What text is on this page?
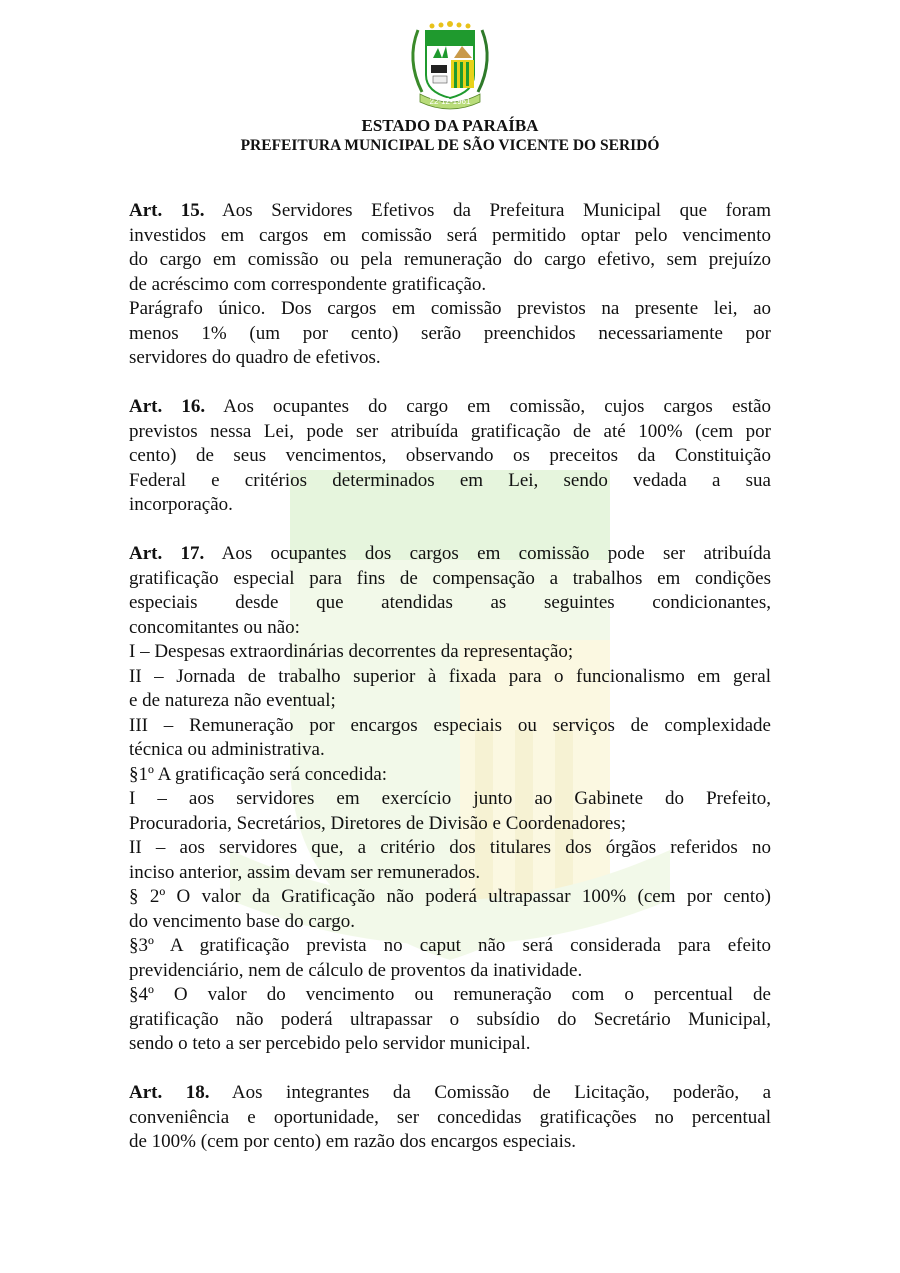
22-12-1961
ESTADO DA PARAÍBA
PREFEITURA MUNICIPAL DE SÃO VICENTE DO SERIDÓ
Art. 15. Aos Servidores Efetivos da Prefeitura Municipal que foram
investidos em cargos em comissão será permitido optar pelo vencimento
do cargo em comissão ou pela remuneração do cargo efetivo, sem prejuízo
de acréscimo com correspondente gratificação.
Parágrafo único. Dos cargos em comissão previstos na presente lei, ao
menos 1% (um por cento) serão preenchidos necessariamente por
servidores do quadro de efetivos.
Art. 16. Aos ocupantes do cargo em comissão, cujos cargos estão
previstos nessa Lei, pode ser atribuída gratificação de até 100% (cem por
cento) de seus vencimentos, observando os preceitos da Constituição
Federal e critérios determinados em Lei, sendo vedada a sua
incorporação.
Art. 17. Aos ocupantes dos cargos em comissão pode ser atribuída
gratificação especial para fins de compensação a trabalhos em condições
especiais desde que atendidas as seguintes condicionantes,
concomitantes ou não:
I – Despesas extraordinárias decorrentes da representação;
II – Jornada de trabalho superior à fixada para o funcionalismo em geral
e de natureza não eventual;
III – Remuneração por encargos especiais ou serviços de complexidade
técnica ou administrativa.
§1º A gratificação será concedida:
I – aos servidores em exercício junto ao Gabinete do Prefeito,
Procuradoria, Secretários, Diretores de Divisão e Coordenadores;
II – aos servidores que, a critério dos titulares dos órgãos referidos no
inciso anterior, assim devam ser remunerados.
§ 2º O valor da Gratificação não poderá ultrapassar 100% (cem por cento)
do vencimento base do cargo.
§3º A gratificação prevista no caput não será considerada para efeito
previdenciário, nem de cálculo de proventos da inatividade.
§4º O valor do vencimento ou remuneração com o percentual de
gratificação não poderá ultrapassar o subsídio do Secretário Municipal,
sendo o teto a ser percebido pelo servidor municipal.
Art. 18. Aos integrantes da Comissão de Licitação, poderão, a
conveniência e oportunidade, ser concedidas gratificações no percentual
de 100% (cem por cento) em razão dos encargos especiais.
